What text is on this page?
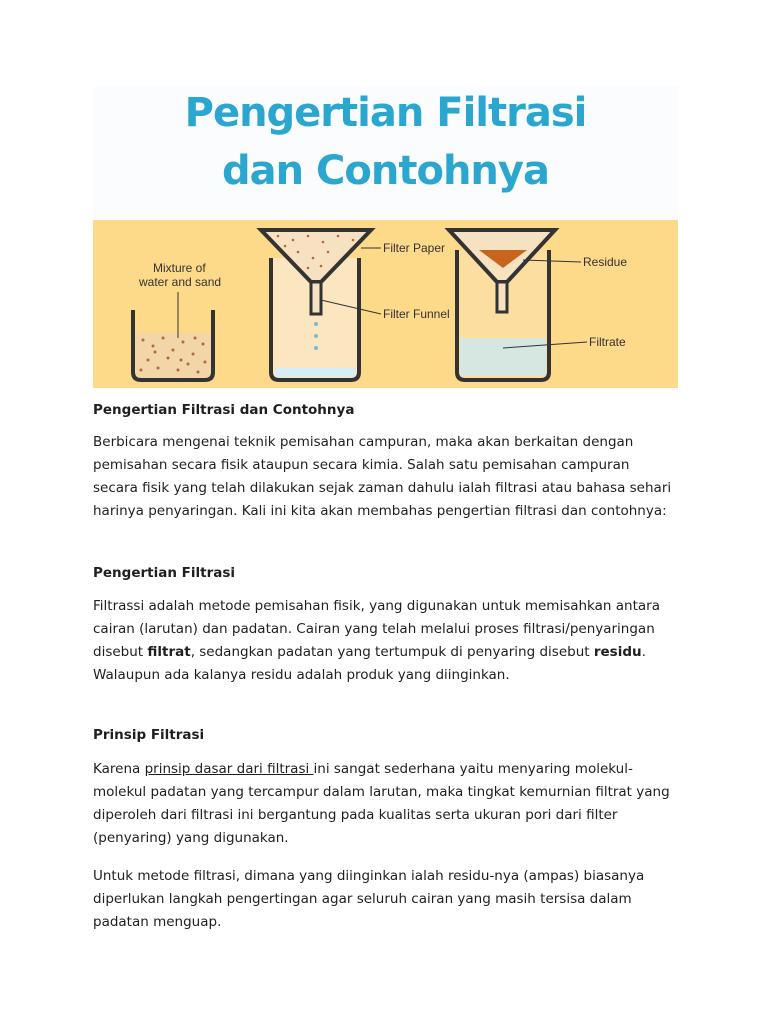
Pengertian Filtrasi
dan Contohnya
Mixture of
water and sand
Filter Paper
Filter Funnel
Residue
Filtrate
Pengertian Filtrasi dan Contohnya

Berbicara mengenai teknik pemisahan campuran, maka akan berkaitan dengan pemisahan secara fisik ataupun secara kimia. Salah satu pemisahan campuran secara fisik yang telah dilakukan sejak zaman dahulu ialah filtrasi atau bahasa sehari harinya penyaringan. Kali ini kita akan membahas pengertian filtrasi dan contohnya:

Pengertian Filtrasi

Filtrassi adalah metode pemisahan fisik, yang digunakan untuk memisahkan antara cairan (larutan) dan padatan. Cairan yang telah melalui proses filtrasi/penyaringan disebut filtrat, sedangkan padatan yang tertumpuk di penyaring disebut residu. Walaupun ada kalanya residu adalah produk yang diinginkan.

Prinsip Filtrasi

Karena prinsip dasar dari filtrasi ini sangat sederhana yaitu menyaring molekul-molekul padatan yang tercampur dalam larutan, maka tingkat kemurnian filtrat yang diperoleh dari filtrasi ini bergantung pada kualitas serta ukuran pori dari filter (penyaring) yang digunakan.

Untuk metode filtrasi, dimana yang diinginkan ialah residu-nya (ampas) biasanya diperlukan langkah pengertingan agar seluruh cairan yang masih tersisa dalam padatan menguap.
